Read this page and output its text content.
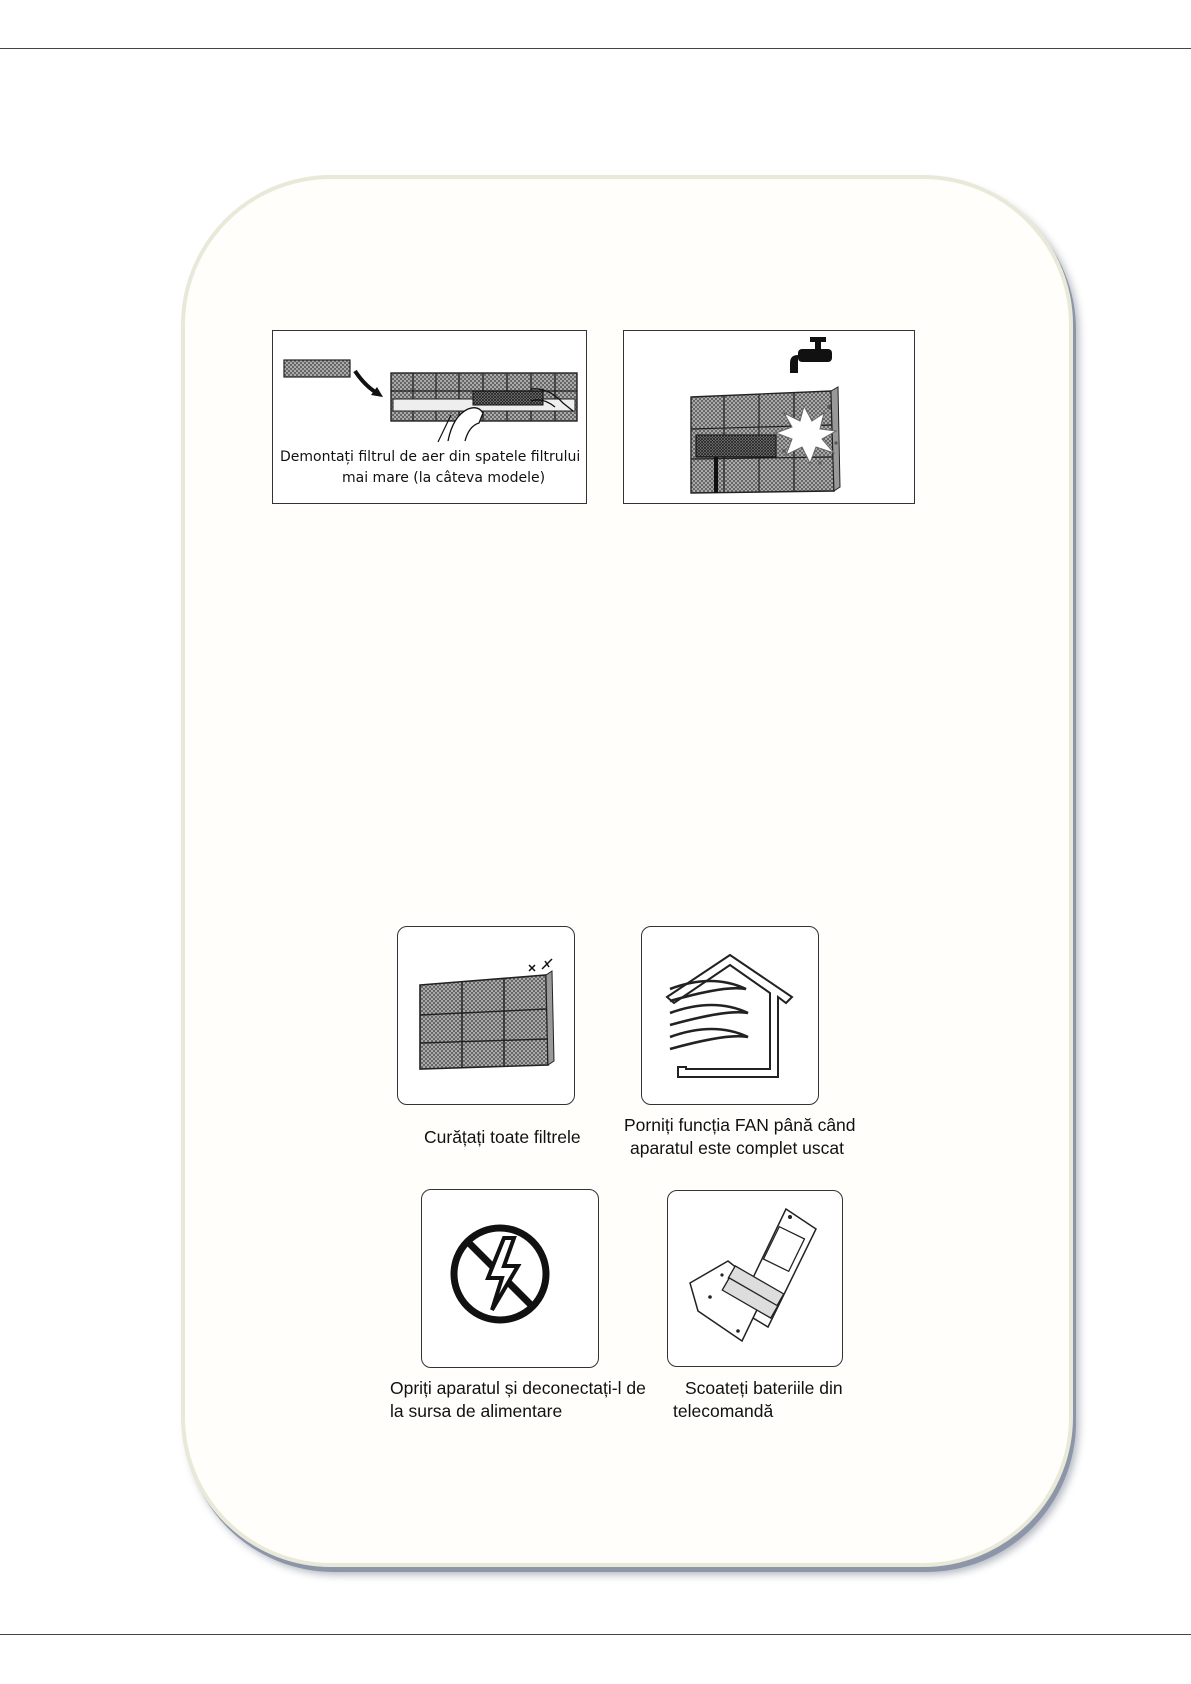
Demontați filtrul de aer din spatele filtrului
mai mare (la câteva modele)
Curățați toate filtrele
Porniți funcția FAN până când
aparatul este complet uscat
Opriți aparatul și deconectați-l de
la sursa de alimentare
Scoateți bateriile din
telecomandă
